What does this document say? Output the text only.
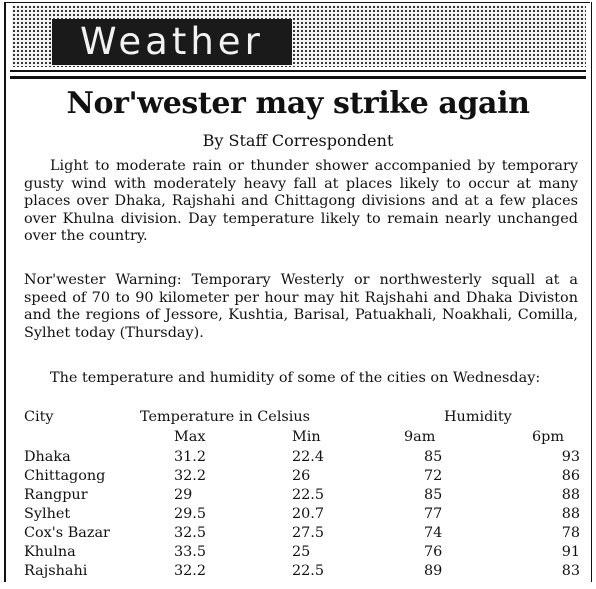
Weather
Nor'wester may strike again
By Staff Correspondent
Light to moderate rain or thunder shower accompanied by temporary gusty wind with moderately heavy fall at places likely to occur at many places over Dhaka, Rajshahi and Chittagong divisions and at a few places over Khulna division. Day temperature likely to remain nearly unchanged over the country.
Nor'wester Warning: Temporary Westerly or northwesterly squall at a speed of 70 to 90 kilometer per hour may hit Rajshahi and Dhaka Diviston and the regions of Jessore, Kushtia, Barisal, Patuakhali, Noakhali, Comilla, Sylhet today (Thursday).
The temperature and humidity of some of the cities on Wednesday:
City	Temperature in Celsius	Humidity
Max	Min	9am	6pm
Dhaka	31.2	22.4	85	93
Chittagong	32.2	26	72	86
Rangpur	29	22.5	85	88
Sylhet	29.5	20.7	77	88
Cox's Bazar	32.5	27.5	74	78
Khulna	33.5	25	76	91
Rajshahi	32.2	22.5	89	83
